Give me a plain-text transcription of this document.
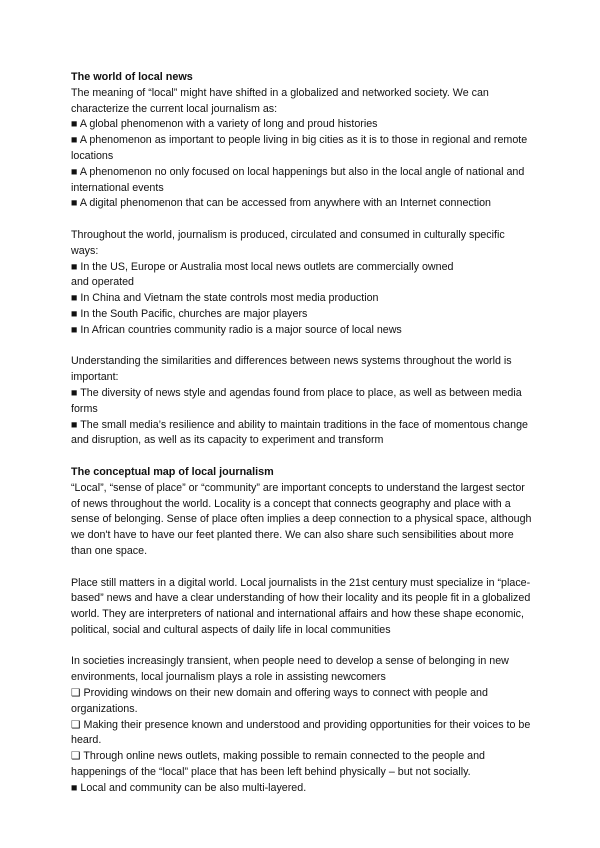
The world of local news

The meaning of “local” might have shifted in a globalized and networked society. We can characterize the current local journalism as:

■ A global phenomenon with a variety of long and proud histories

■ A phenomenon as important to people living in big cities as it is to those in regional and remote locations

■ A phenomenon no only focused on local happenings but also in the local angle of national and international events

■ A digital phenomenon that can be accessed from anywhere with an Internet connection

Throughout the world, journalism is produced, circulated and consumed in culturally specific ways:

■ In the US, Europe or Australia most local news outlets are commercially owned and operated

■ In China and Vietnam the state controls most media production

■ In the South Pacific, churches are major players

■ In African countries community radio is a major source of local news

Understanding the similarities and differences between news systems throughout the world is important:

■ The diversity of news style and agendas found from place to place, as well as between media forms

■ The small media’s resilience and ability to maintain traditions in the face of momentous change and disruption, as well as its capacity to experiment and transform

The conceptual map of local journalism

“Local”, “sense of place” or “community” are important concepts to understand the largest sector of news throughout the world. Locality is a concept that connects geography and place with a sense of belonging. Sense of place often implies a deep connection to a physical space, although we don't have to have our feet planted there. We can also share such sensibilities about more than one space.

Place still matters in a digital world. Local journalists in the 21st century must specialize in “place-based” news and have a clear understanding of how their locality and its people fit in a globalized world. They are interpreters of national and international affairs and how these shape economic, political, social and cultural aspects of daily life in local communities

In societies increasingly transient, when people need to develop a sense of belonging in new environments, local journalism plays a role in assisting newcomers

❑ Providing windows on their new domain and offering ways to connect with people and organizations.

❑ Making their presence known and understood and providing opportunities for their voices to be heard.

❑ Through online news outlets, making possible to remain connected to the people and happenings of the “local” place that has been left behind physically – but not socially.

■ Local and community can be also multi-layered.
